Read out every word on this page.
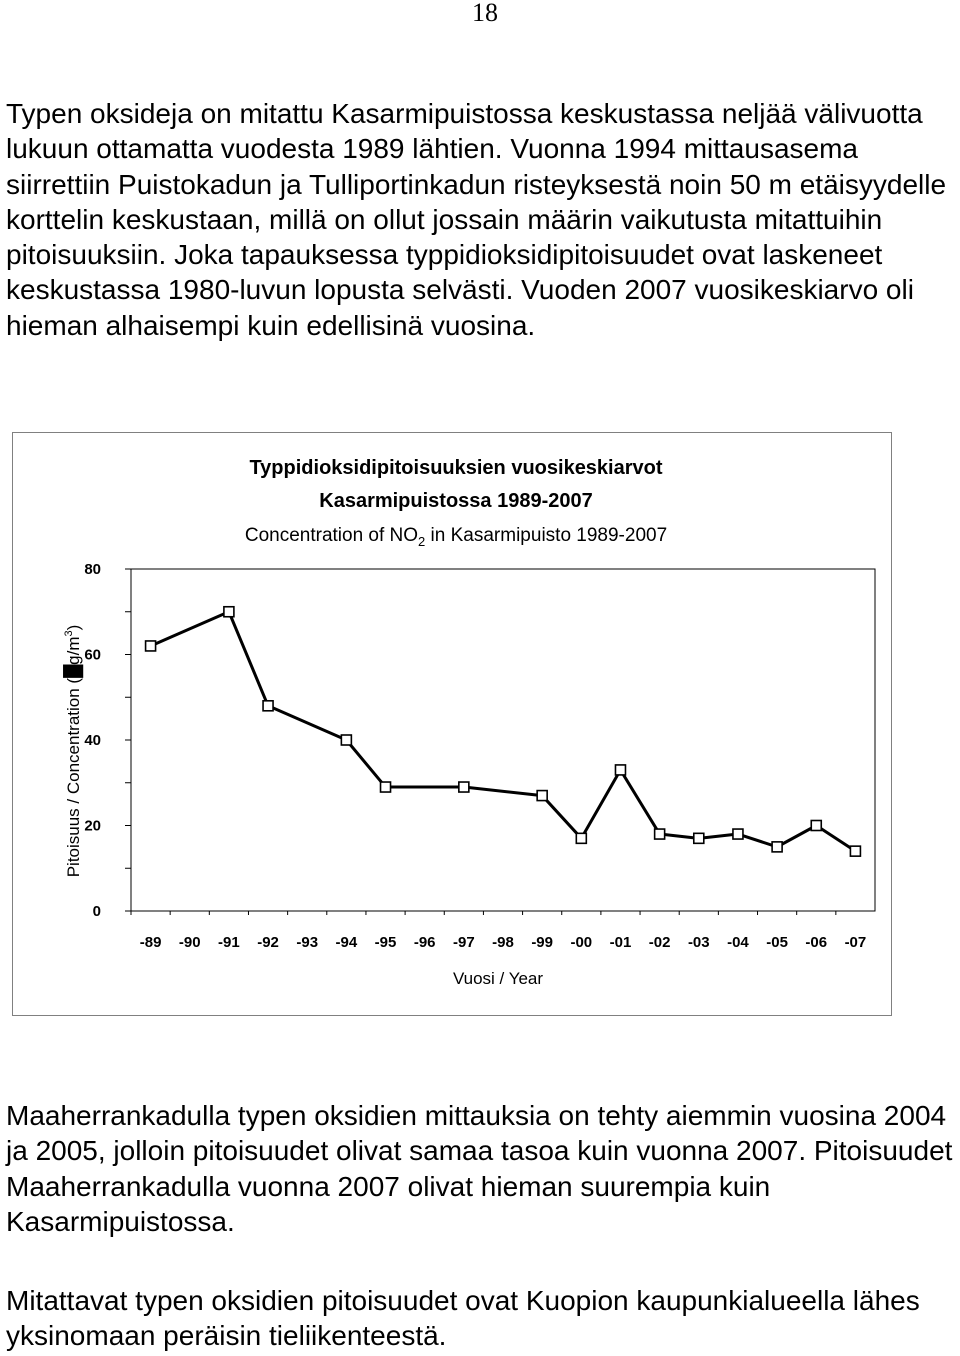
18

Typen oksideja on mitattu Kasarmipuistossa keskustassa neljää välivuotta lukuun ottamatta vuodesta 1989 lähtien. Vuonna 1994 mittausasema siirrettiin Puistokadun ja Tulliportinkadun risteyksestä noin 50 m etäisyydelle korttelin keskustaan, millä on ollut jossain määrin vaikutusta mitattuihin pitoisuuksiin. Joka tapauksessa typpidioksidipitoisuudet ovat laskeneet keskustassa 1980-luvun lopusta selvästi. Vuoden 2007 vuosikeskiarvo oli hieman alhaisempi kuin edellisinä vuosina.

Typpidioksidipitoisuuksien vuosikeskiarvot
Kasarmipuistossa 1989-2007
Concentration of $NO_2$ in Kasarmipuisto 1989-2007
Pitoisuus / Concentration $(█g/m^3)$
Vuosi / Year
0
20
40
60
80
-89 -90 -91 -92 -93 -94 -95 -96 -97 -98 -99 -00 -01 -02 -03 -04 -05 -06 -07

Maaherrankadulla typen oksidien mittauksia on tehty aiemmin vuosina 2004 ja 2005, jolloin pitoisuudet olivat samaa tasoa kuin vuonna 2007. Pitoisuudet Maaherrankadulla vuonna 2007 olivat hieman suurempia kuin Kasarmipuistossa.

Mitattavat typen oksidien pitoisuudet ovat Kuopion kaupunkialueella lähes yksinomaan peräisin tieliikenteestä.
